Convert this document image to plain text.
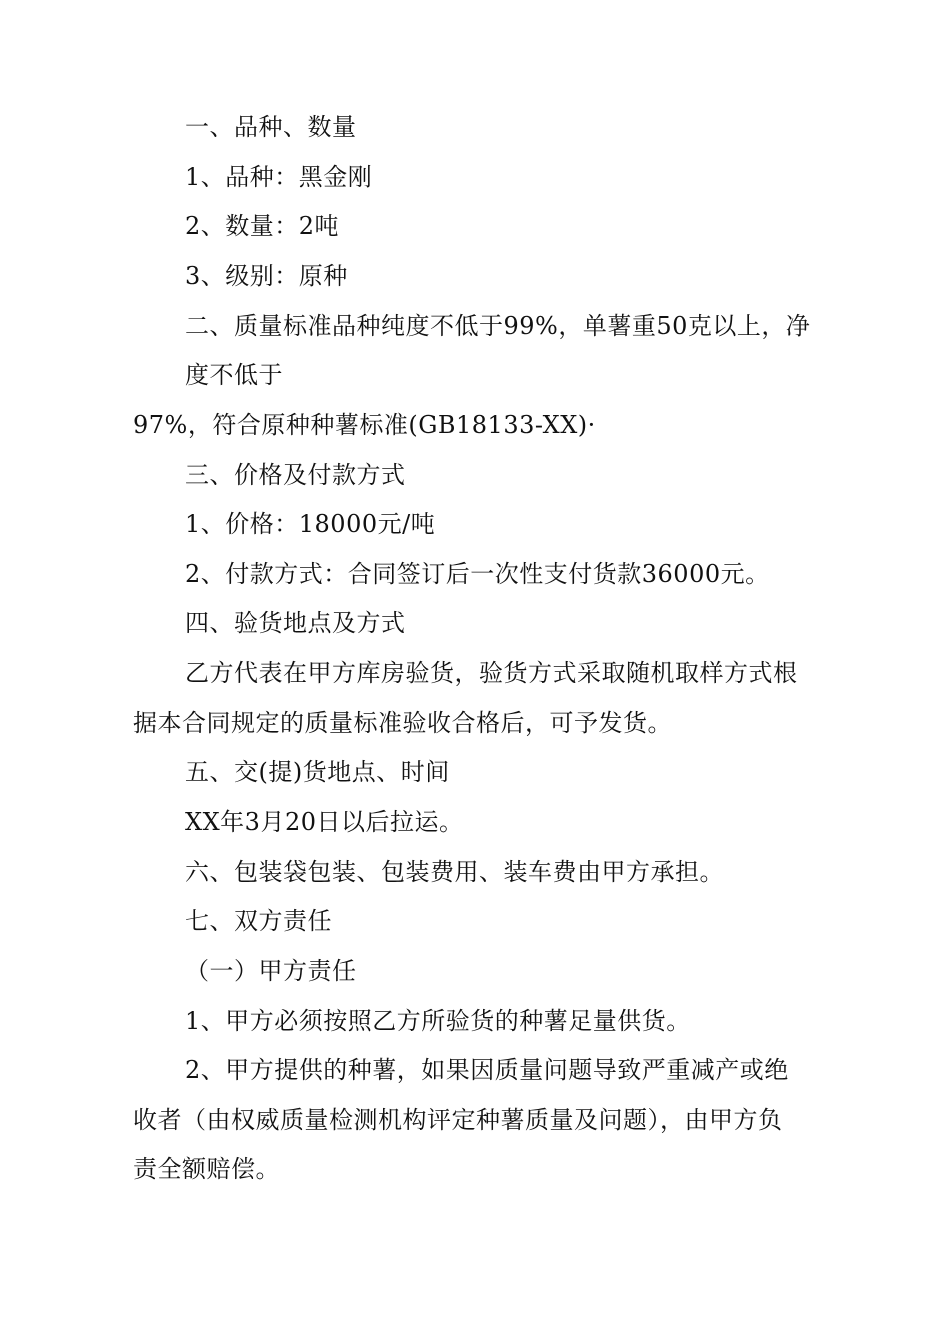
一、品种、数量
1、品种：黑金刚
2、数量：2吨
3、级别：原种
二、质量标准品种纯度不低于99%，单薯重50克以上，净
度不低于
97%，符合原种种薯标准(GB18133-XX)·
三、价格及付款方式
1、价格：18000元/吨
2、付款方式：合同签订后一次性支付货款36000元。
四、验货地点及方式
乙方代表在甲方库房验货，验货方式采取随机取样方式根
据本合同规定的质量标准验收合格后，可予发货。
五、交(提)货地点、时间
XX年3月20日以后拉运。
六、包装袋包装、包装费用、装车费由甲方承担。
七、双方责任
（一）甲方责任
1、甲方必须按照乙方所验货的种薯足量供货。
2、甲方提供的种薯，如果因质量问题导致严重减产或绝
收者（由权威质量检测机构评定种薯质量及问题），由甲方负
责全额赔偿。
